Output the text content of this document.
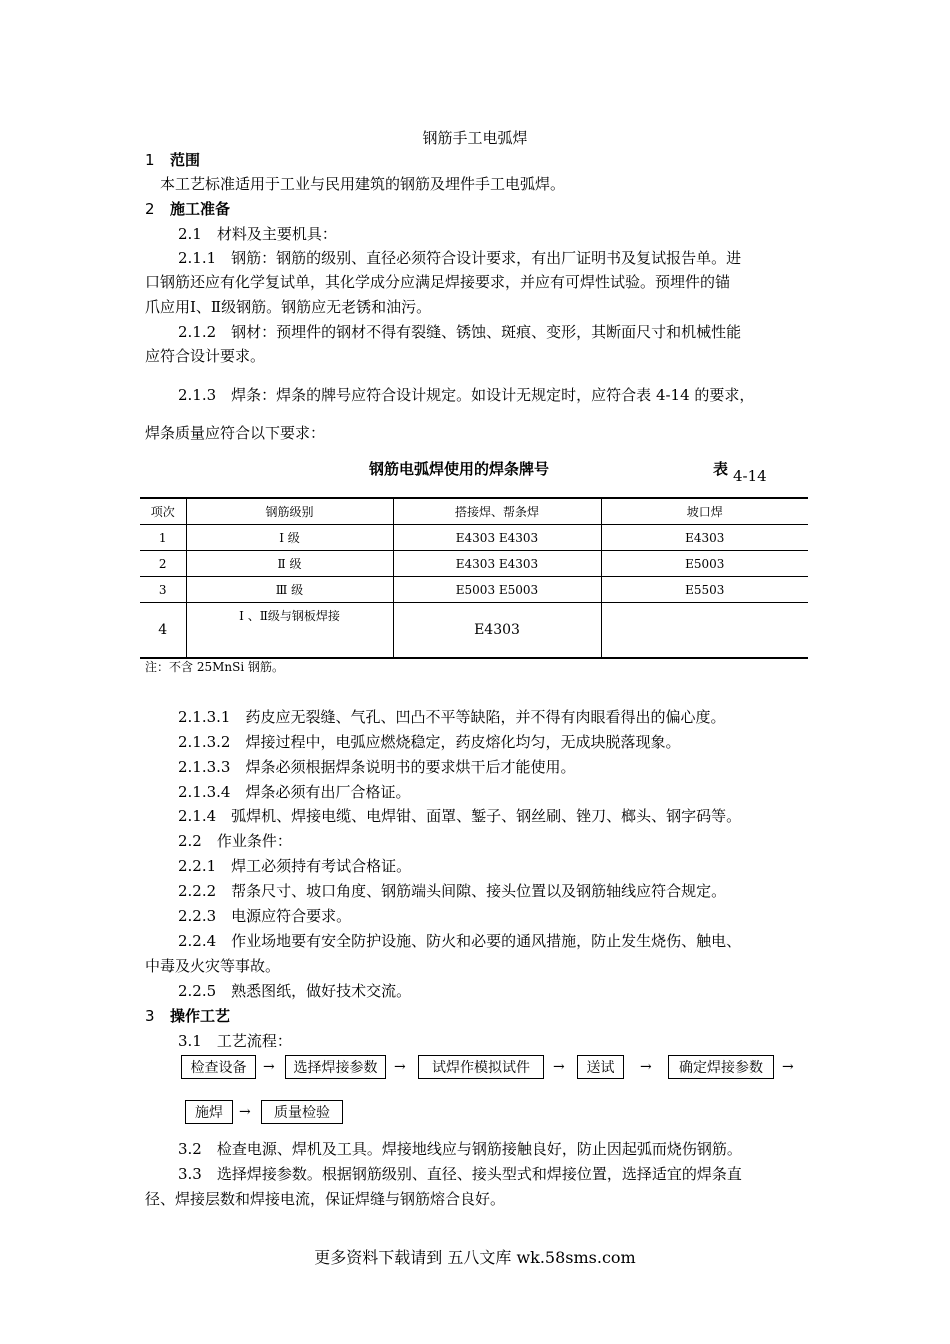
钢筋手工电弧焊
1 范围
本工艺标准适用于工业与民用建筑的钢筋及埋件手工电弧焊。
2 施工准备
2.1　材料及主要机具：
2.1.1　钢筋：钢筋的级别、直径必须符合设计要求，有出厂证明书及复试报告单。进
口钢筋还应有化学复试单，其化学成分应满足焊接要求，并应有可焊性试验。预埋件的锚
爪应用Ⅰ、Ⅱ级钢筋。钢筋应无老锈和油污。
2.1.2　钢材：预埋件的钢材不得有裂缝、锈蚀、斑痕、变形，其断面尺寸和机械性能
应符合设计要求。
2.1.3　焊条：焊条的牌号应符合设计规定。如设计无规定时，应符合表 4-14 的要求，
焊条质量应符合以下要求：
钢筋电弧焊使用的焊条牌号	表 4-14
项次	钢筋级别	搭接焊、帮条焊	坡口焊
1	Ⅰ 级	E4303 E4303	E4303
2	Ⅱ 级	E4303 E4303	E5003
3	Ⅲ 级	E5003 E5003	E5503
4	Ⅰ 、Ⅱ级与钢板焊接	E4303	
注：不含 25MnSi 钢筋。
2.1.3.1　药皮应无裂缝、气孔、凹凸不平等缺陷，并不得有肉眼看得出的偏心度。
2.1.3.2　焊接过程中，电弧应燃烧稳定，药皮熔化均匀，无成块脱落现象。
2.1.3.3　焊条必须根据焊条说明书的要求烘干后才能使用。
2.1.3.4　焊条必须有出厂合格证。
2.1.4　弧焊机、焊接电缆、电焊钳、面罩、錾子、钢丝刷、锉刀、榔头、钢字码等。
2.2　作业条件：
2.2.1　焊工必须持有考试合格证。
2.2.2　帮条尺寸、坡口角度、钢筋端头间隙、接头位置以及钢筋轴线应符合规定。
2.2.3　电源应符合要求。
2.2.4　作业场地要有安全防护设施、防火和必要的通风措施，防止发生烧伤、触电、
中毒及火灾等事故。
2.2.5　熟悉图纸，做好技术交流。
3 操作工艺
3.1　工艺流程：
检查设备	→	选择焊接参数	→	试焊作模拟试件	→	送试	→	确定焊接参数	→
施焊	→	质量检验
3.2　检查电源、焊机及工具。焊接地线应与钢筋接触良好，防止因起弧而烧伤钢筋。
3.3　选择焊接参数。根据钢筋级别、直径、接头型式和焊接位置，选择适宜的焊条直
径、焊接层数和焊接电流，保证焊缝与钢筋熔合良好。
更多资料下载请到 五八文库 wk.58sms.com
